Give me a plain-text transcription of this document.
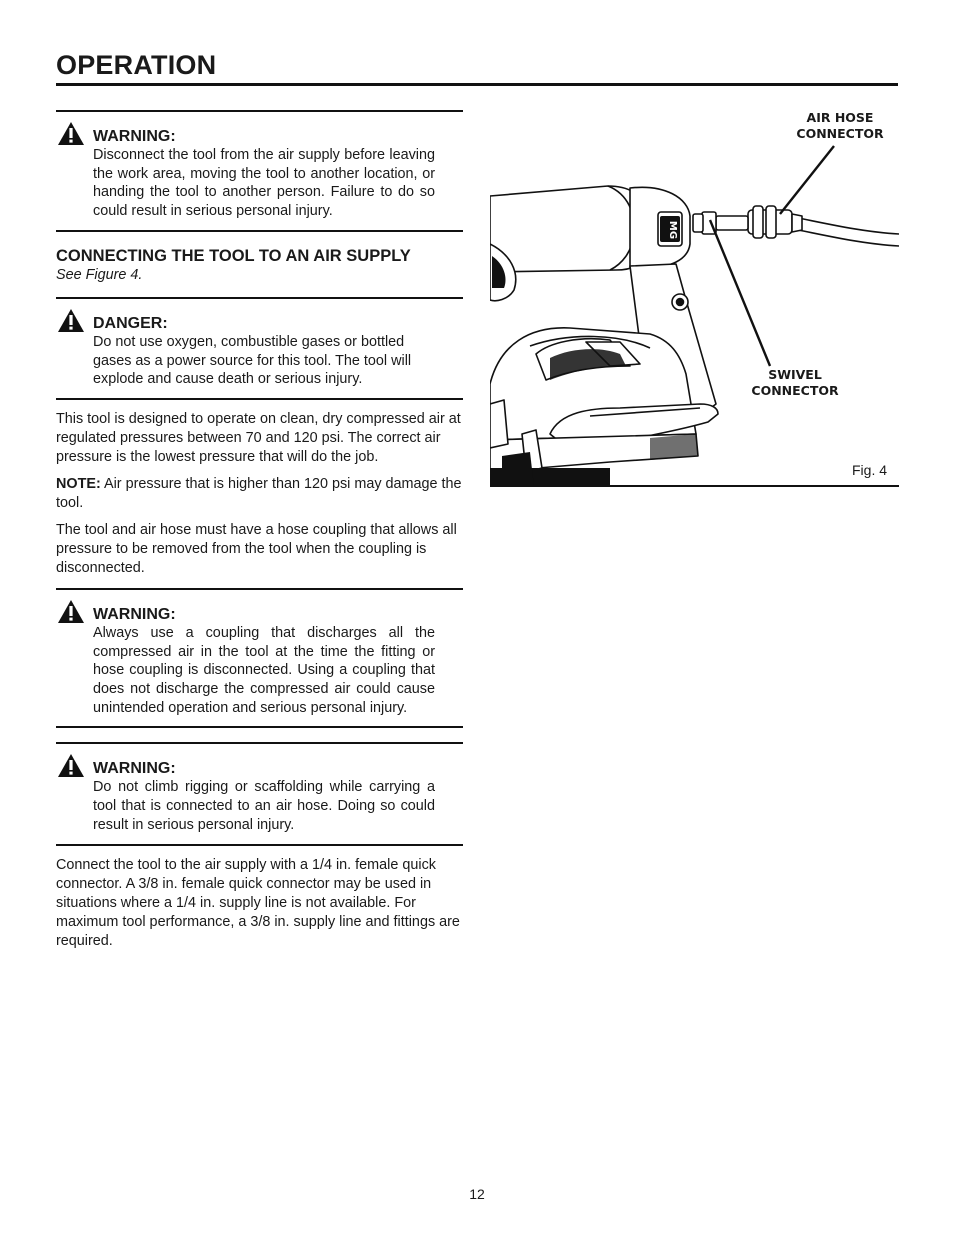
OPERATION
WARNING:
Disconnect the tool from the air supply before leaving the work area, moving the tool to another location, or handing the tool to another person. Failure to do so could result in serious personal injury.
CONNECTING THE TOOL TO AN AIR SUPPLY
See Figure 4.
DANGER:
Do not use oxygen, combustible gases or bottled gases as a power source for this tool. The tool will explode and cause death or serious injury.

This tool is designed to operate on clean, dry compressed air at regulated pressures between 70 and 120 psi. The correct air pressure is the lowest pressure that will do the job.

NOTE: Air pressure that is higher than 120 psi may damage the tool.

The tool and air hose must have a hose coupling that allows all pressure to be removed from the tool when the coupling is disconnected.

WARNING:
Always use a coupling that discharges all the compressed air in the tool at the time the fitting or hose coupling is disconnected. Using a coupling that does not discharge the compressed air could cause unintended operation and serious personal injury.
WARNING:
Do not climb rigging or scaffolding while carrying a tool that is connected to an air hose. Doing so could result in serious personal injury.

Connect the tool to the air supply with a 1/4 in. female quick connector. A 3/8 in. female quick connector may be used in situations where a 1/4 in. supply line is not available. For maximum tool performance, a 3/8 in. supply line and fittings are required.

MG
AIR HOSE
CONNECTOR
SWIVEL
CONNECTOR
Fig. 4
12
